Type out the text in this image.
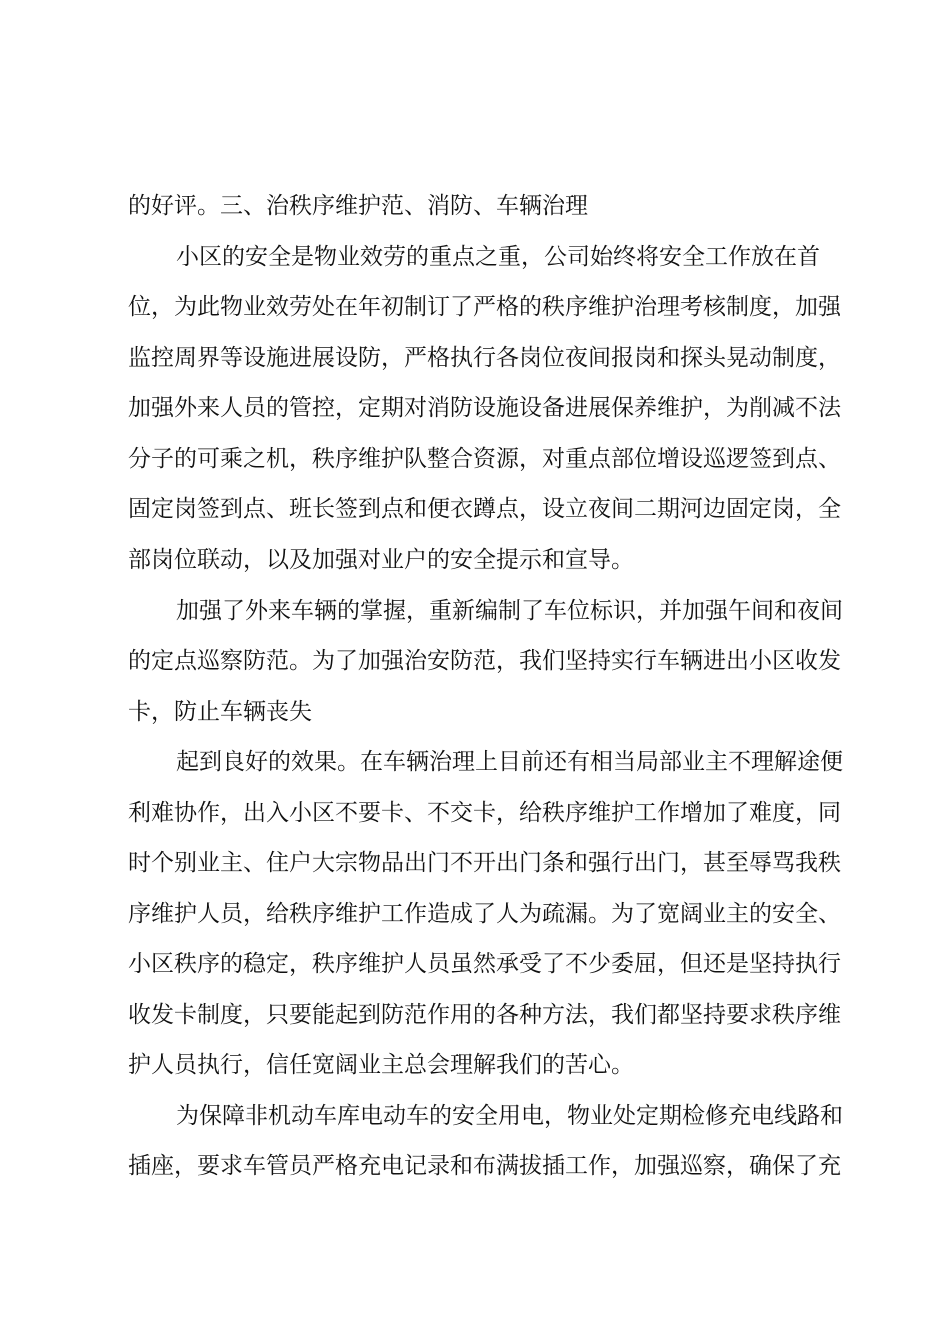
的好评。三、治秩序维护范、消防、车辆治理
小区的安全是物业效劳的重点之重，公司始终将安全工作放在首
位，为此物业效劳处在年初制订了严格的秩序维护治理考核制度，加强
监控周界等设施进展设防，严格执行各岗位夜间报岗和探头晃动制度，
加强外来人员的管控，定期对消防设施设备进展保养维护，为削减不法
分子的可乘之机，秩序维护队整合资源，对重点部位增设巡逻签到点、
固定岗签到点、班长签到点和便衣蹲点，设立夜间二期河边固定岗，全
部岗位联动，以及加强对业户的安全提示和宣导。
加强了外来车辆的掌握，重新编制了车位标识，并加强午间和夜间
的定点巡察防范。为了加强治安防范，我们坚持实行车辆进出小区收发
卡，防止车辆丧失
起到良好的效果。在车辆治理上目前还有相当局部业主不理解途便
利难协作，出入小区不要卡、不交卡，给秩序维护工作增加了难度，同
时个别业主、住户大宗物品出门不开出门条和强行出门，甚至辱骂我秩
序维护人员，给秩序维护工作造成了人为疏漏。为了宽阔业主的安全、
小区秩序的稳定，秩序维护人员虽然承受了不少委屈，但还是坚持执行
收发卡制度，只要能起到防范作用的各种方法，我们都坚持要求秩序维
护人员执行，信任宽阔业主总会理解我们的苦心。
为保障非机动车库电动车的安全用电，物业处定期检修充电线路和
插座，要求车管员严格充电记录和布满拔插工作，加强巡察，确保了充
